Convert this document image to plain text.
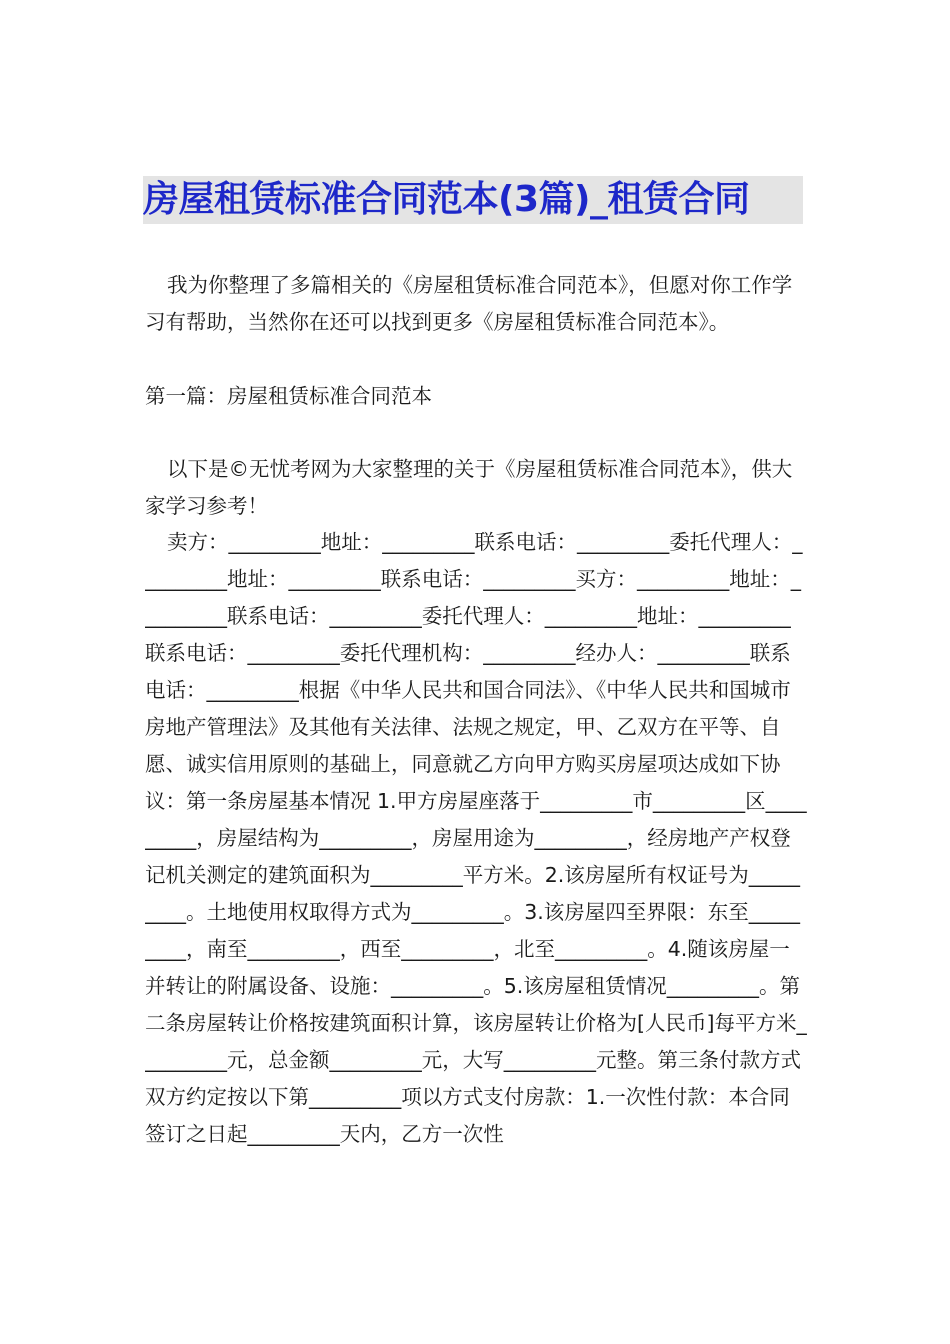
房屋租赁标准合同范本(3篇)_租赁合同

我为你整理了多篇相关的《房屋租赁标准合同范本》，但愿对你工作学习有帮助，当然你在还可以找到更多《房屋租赁标准合同范本》。

第一篇：房屋租赁标准合同范本

以下是©无忧考网为大家整理的关于《房屋租赁标准合同范本》，供大家学习参考！

卖方：_________地址：_________联系电话：_________委托代理人：_________地址：_________联系电话：_________买方：_________地址：_________联系电话：_________委托代理人：_________地址：_________联系电话：_________委托代理机构：_________经办人：_________联系电话：_________根据《中华人民共和国合同法》、《中华人民共和国城市房地产管理法》及其他有关法律、法规之规定，甲、乙双方在平等、自愿、诚实信用原则的基础上，同意就乙方向甲方购买房屋项达成如下协议：第一条房屋基本情况 1.甲方房屋座落于_________市_________区_________，房屋结构为_________，房屋用途为_________，经房地产产权登记机关测定的建筑面积为_________平方米。2.该房屋所有权证号为_________。土地使用权取得方式为_________。3.该房屋四至界限：东至_________，南至_________，西至_________，北至_________。4.随该房屋一并转让的附属设备、设施：_________。5.该房屋租赁情况_________。第二条房屋转让价格按建筑面积计算，该房屋转让价格为[人民币]每平方米_________元，总金额_________元，大写_________元整。第三条付款方式双方约定按以下第_________项以方式支付房款：1.一次性付款：本合同签订之日起_________天内，乙方一次性
